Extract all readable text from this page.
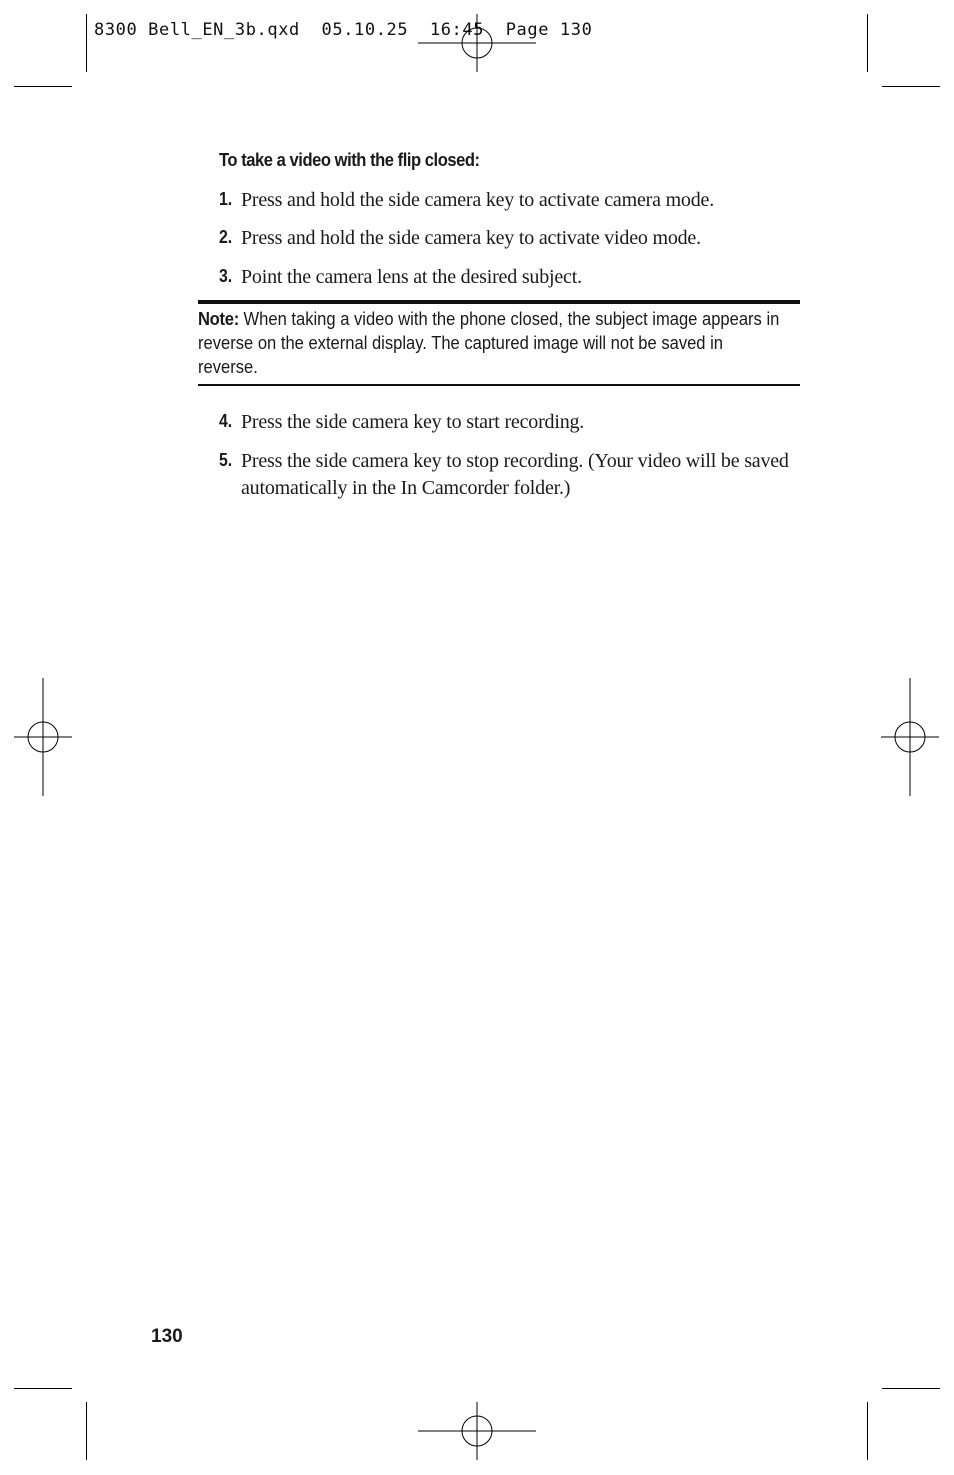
8300 Bell_EN_3b.qxd  05.10.25  16:45  Page 130
To take a video with the flip closed:
1. Press and hold the side camera key to activate camera mode.
2. Press and hold the side camera key to activate video mode.
3. Point the camera lens at the desired subject.
Note: When taking a video with the phone closed, the subject image appears in reverse on the external display. The captured image will not be saved in reverse.
4. Press the side camera key to start recording.
5. Press the side camera key to stop recording. (Your video will be saved automatically in the In Camcorder folder.)
130
